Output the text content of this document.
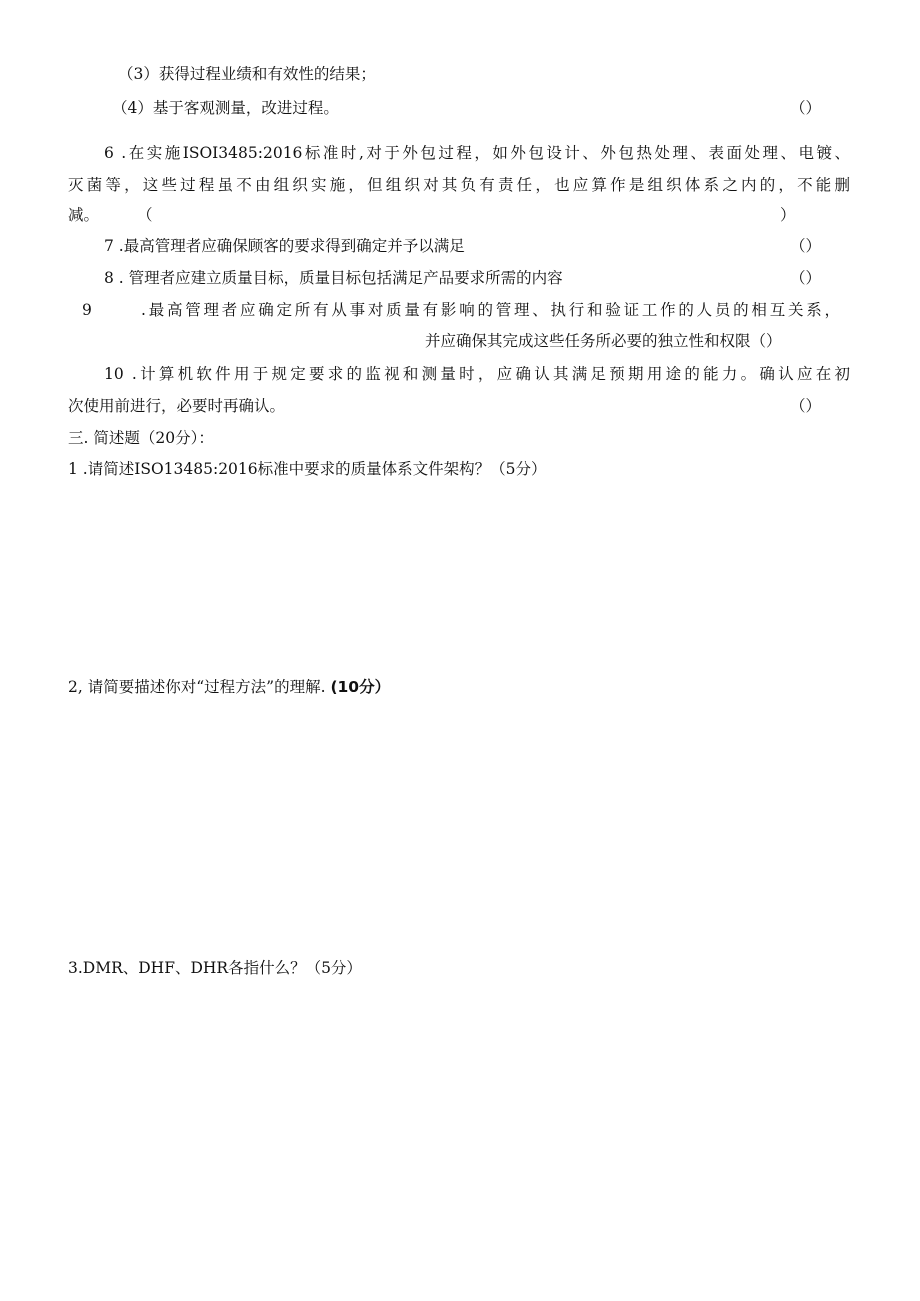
（3）获得过程业绩和有效性的结果；
（4）基于客观测量，改进过程。	（）
6 .在实施ISOI3485:2016标准时,对于外包过程，如外包设计、外包热处理、表面处理、电镀、
灭菌等，这些过程虽不由组织实施，但组织对其负有责任，也应算作是组织体系之内的，不能删
减。 （	）
7 .最高管理者应确保顾客的要求得到确定并予以满足	（）
8 . 管理者应建立质量目标，质量目标包括满足产品要求所需的内容	（）
9	.最高管理者应确定所有从事对质量有影响的管理、执行和验证工作的人员的相互关系，
并应确保其完成这些任务所必要的独立性和权限（）
10 .计算机软件用于规定要求的监视和测量时，应确认其满足预期用途的能力。确认应在初
次使用前进行，必要时再确认。	（）
三. 简述题（20分）：
1 .请简述ISO13485:2016标准中要求的质量体系文件架构？（5分）
2, 请简要描述你对“过程方法”的理解. (10分）
3.DMR、DHF、DHR各指什么？（5分）
